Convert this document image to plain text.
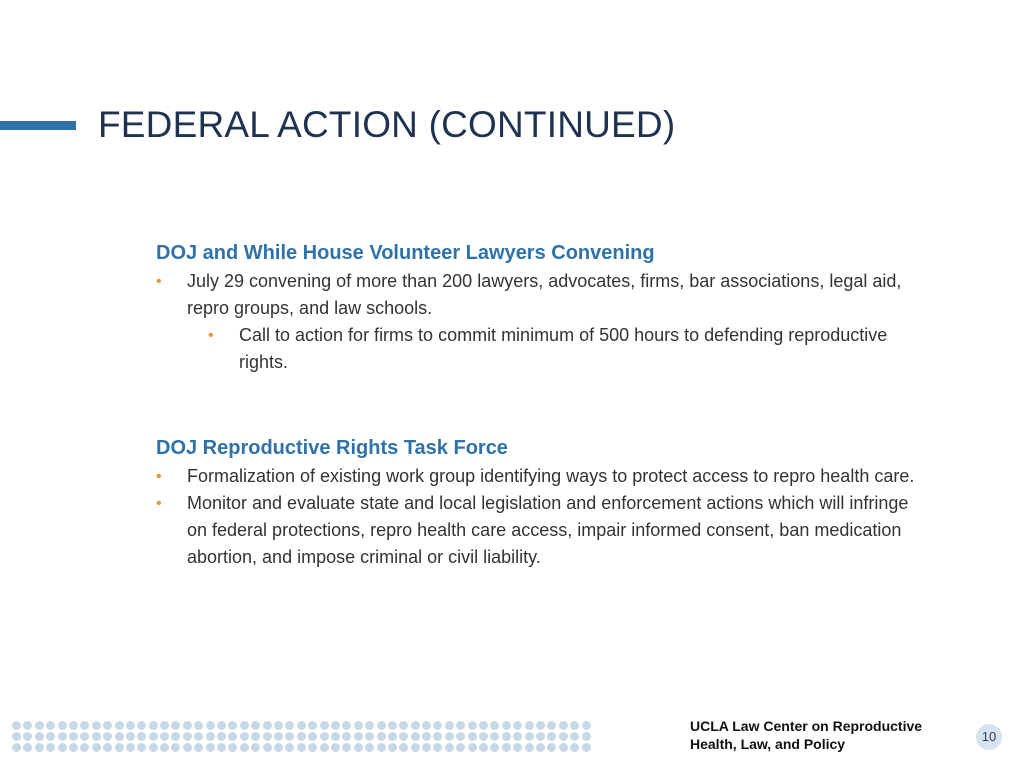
FEDERAL ACTION (CONTINUED)
DOJ and While House Volunteer Lawyers Convening
• July 29 convening of more than 200 lawyers, advocates, firms, bar associations, legal aid, repro groups, and law schools.
• Call to action for firms to commit minimum of 500 hours to defending reproductive rights.
DOJ Reproductive Rights Task Force
• Formalization of existing work group identifying ways to protect access to repro health care.
• Monitor and evaluate state and local legislation and enforcement actions which will infringe on federal protections, repro health care access, impair informed consent, ban medication abortion, and impose criminal or civil liability.
UCLA Law Center on Reproductive Health, Law, and Policy	10
